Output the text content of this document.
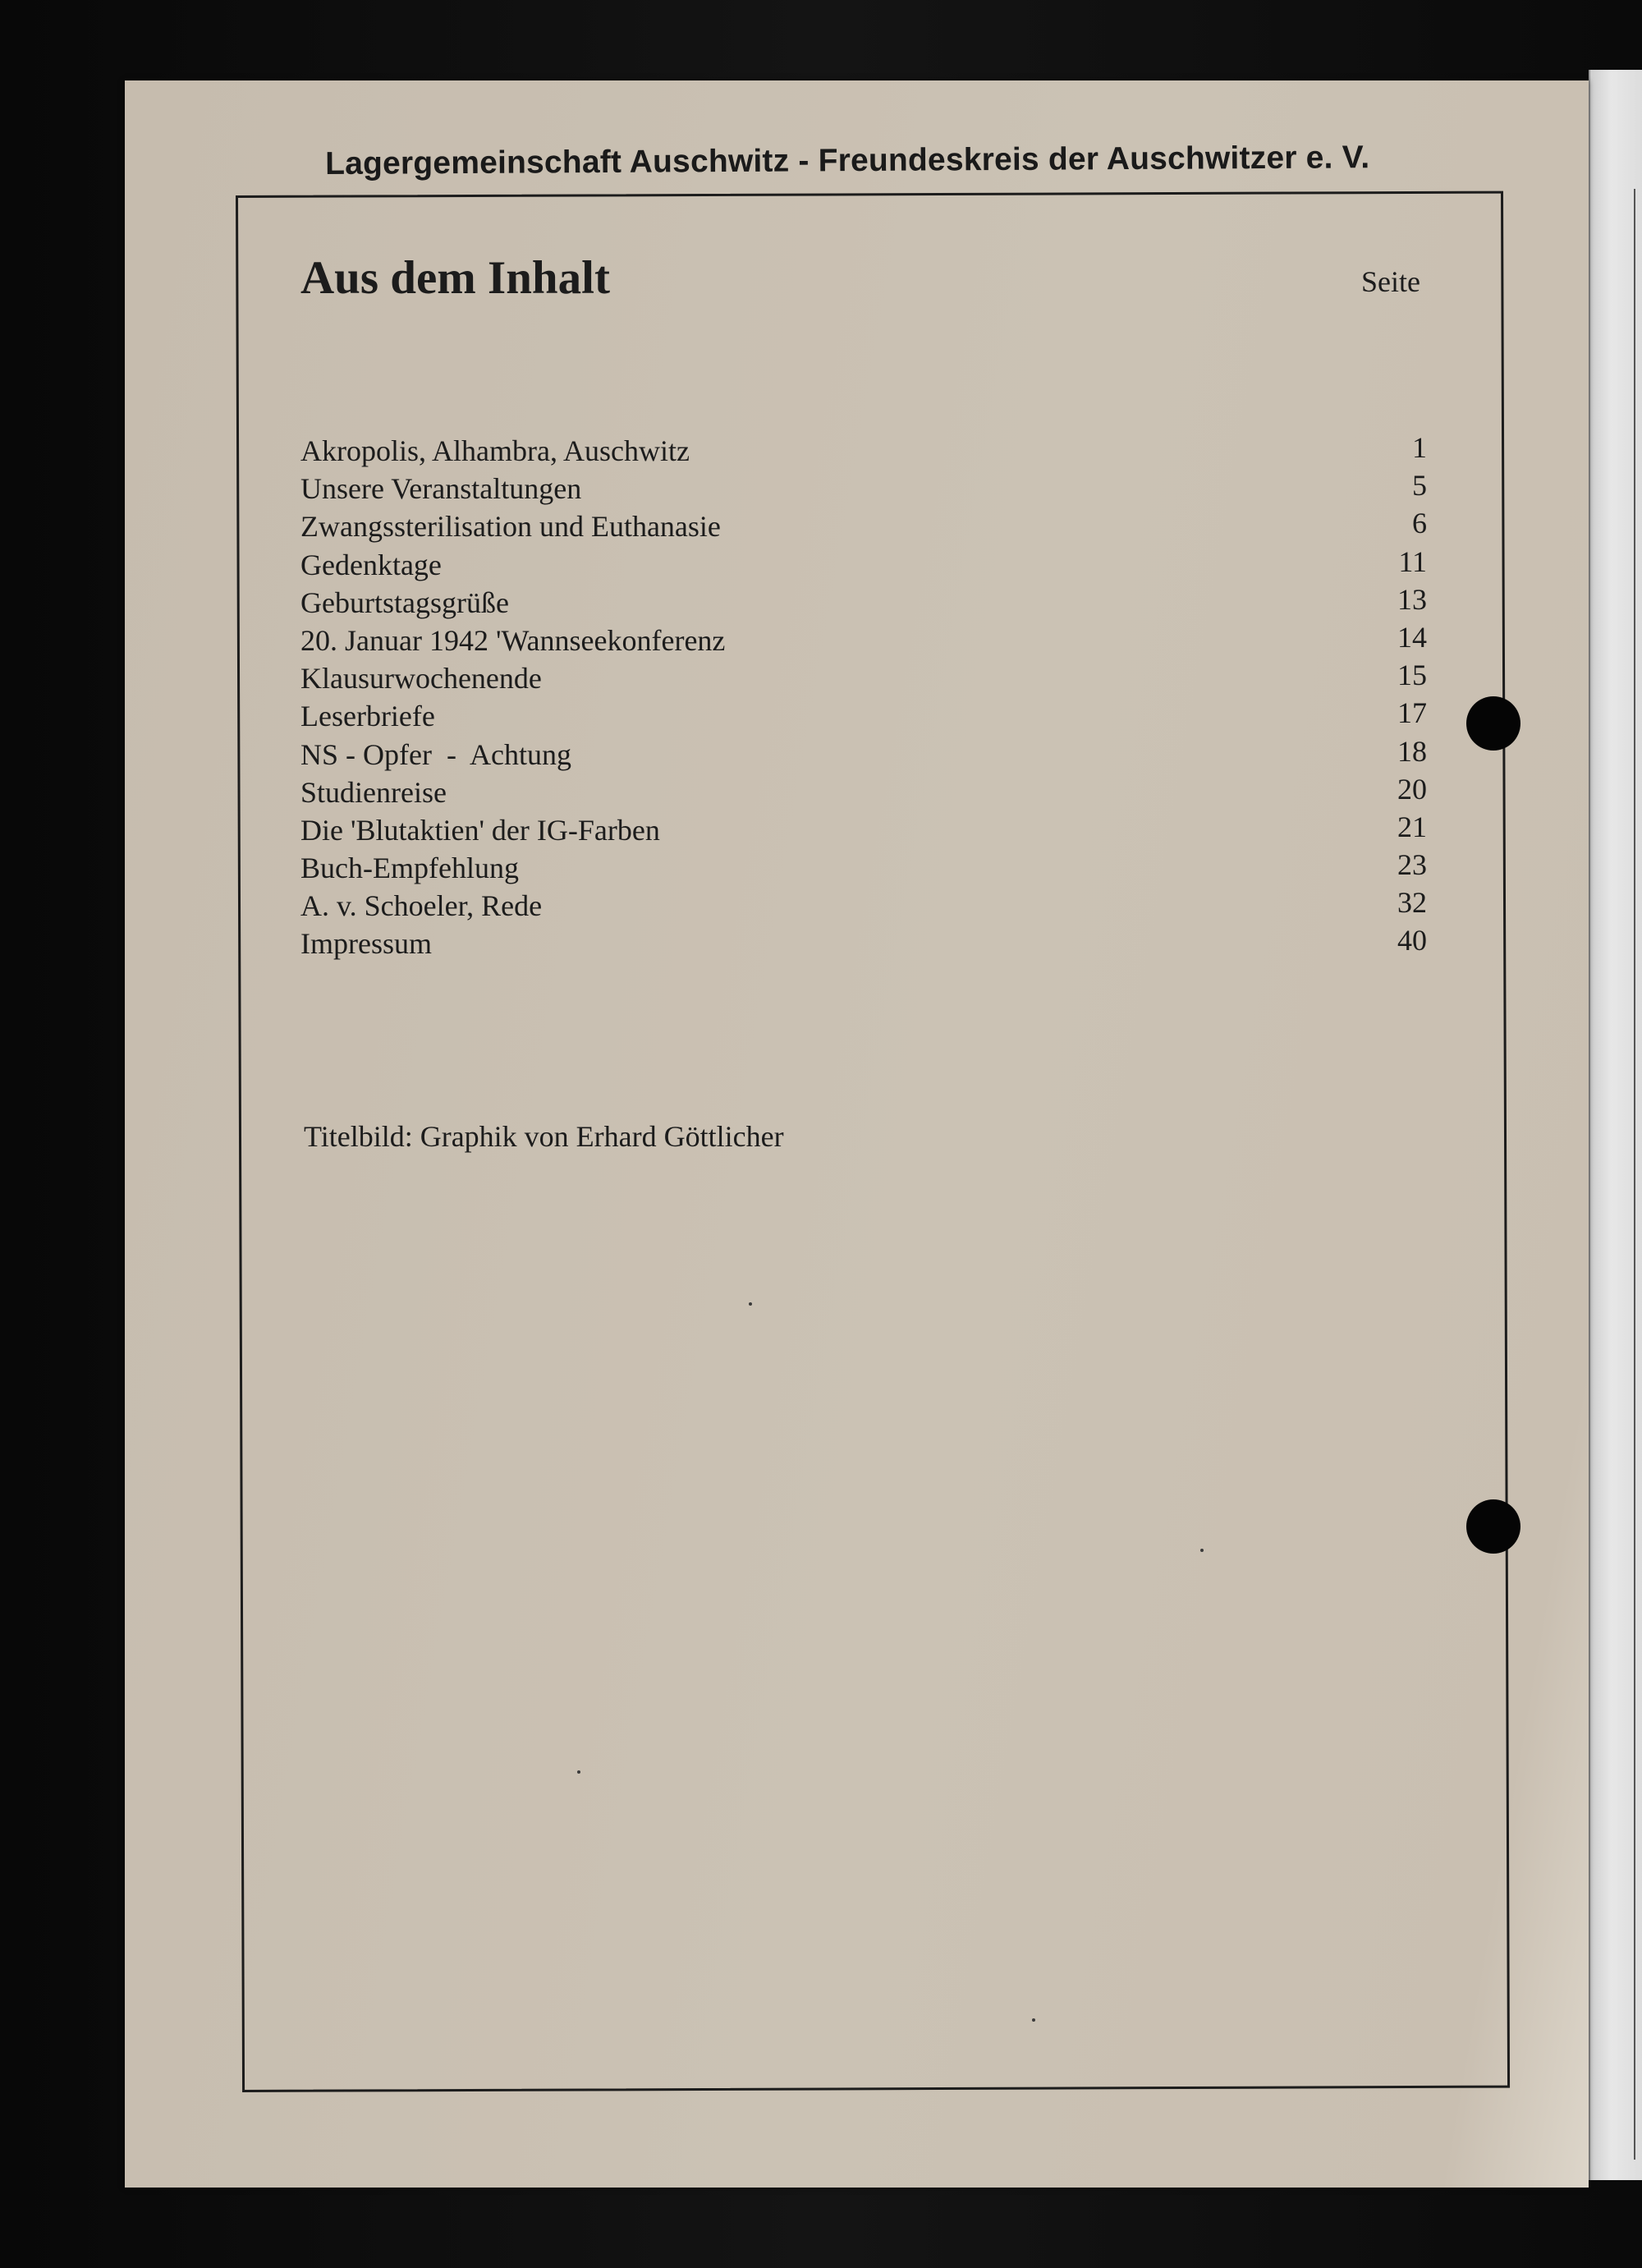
Lagergemeinschaft Auschwitz - Freundeskreis der Auschwitzer e. V.
Aus dem Inhalt	Seite
Akropolis, Alhambra, Auschwitz	1
Unsere Veranstaltungen	5
Zwangssterilisation und Euthanasie	6
Gedenktage	11
Geburtstagsgrüße	13
20. Januar 1942 'Wannseekonferenz	14
Klausurwochenende	15
Leserbriefe	17
NS - Opfer  -  Achtung	18
Studienreise	20
Die 'Blutaktien' der IG-Farben	21
Buch-Empfehlung	23
A. v. Schoeler, Rede	32
Impressum	40
Titelbild: Graphik von Erhard Göttlicher
